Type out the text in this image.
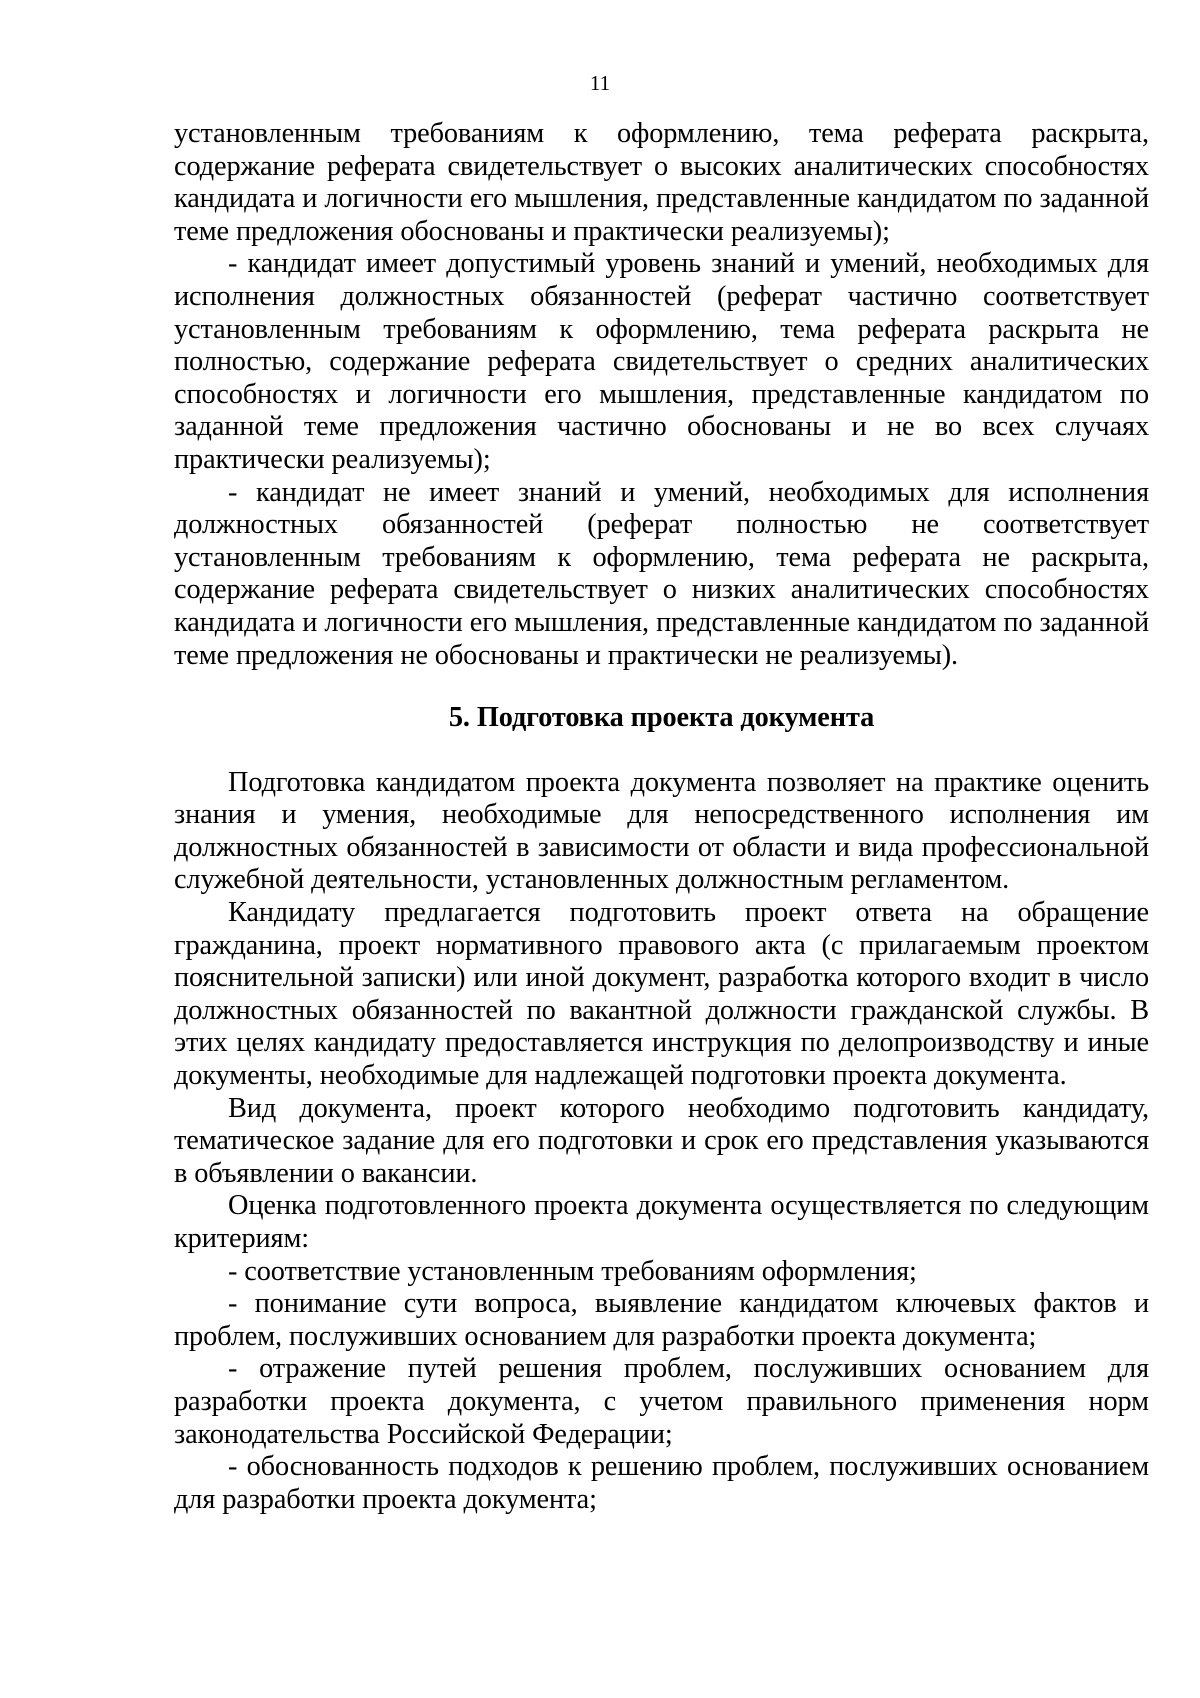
11

установленным требованиям к оформлению, тема реферата раскрыта, содержание реферата свидетельствует о высоких аналитических способностях кандидата и логичности его мышления, представленные кандидатом по заданной теме предложения обоснованы и практически реализуемы);

- кандидат имеет допустимый уровень знаний и умений, необходимых для исполнения должностных обязанностей (реферат частично соответствует установленным требованиям к оформлению, тема реферата раскрыта не полностью, содержание реферата свидетельствует о средних аналитических способностях и логичности его мышления, представленные кандидатом по заданной теме предложения частично обоснованы и не во всех случаях практически реализуемы);

- кандидат не имеет знаний и умений, необходимых для исполнения должностных обязанностей (реферат полностью не соответствует установленным требованиям к оформлению, тема реферата не раскрыта, содержание реферата свидетельствует о низких аналитических способностях кандидата и логичности его мышления, представленные кандидатом по заданной теме предложения не обоснованы и практически не реализуемы).

5. Подготовка проекта документа

Подготовка кандидатом проекта документа позволяет на практике оценить знания и умения, необходимые для непосредственного исполнения им должностных обязанностей в зависимости от области и вида профессиональной служебной деятельности, установленных должностным регламентом.

Кандидату предлагается подготовить проект ответа на обращение гражданина, проект нормативного правового акта (с прилагаемым проектом пояснительной записки) или иной документ, разработка которого входит в число должностных обязанностей по вакантной должности гражданской службы. В этих целях кандидату предоставляется инструкция по делопроизводству и иные документы, необходимые для надлежащей подготовки проекта документа.

Вид документа, проект которого необходимо подготовить кандидату, тематическое задание для его подготовки и срок его представления указываются в объявлении о вакансии.

Оценка подготовленного проекта документа осуществляется по следующим критериям:

- соответствие установленным требованиям оформления;

- понимание сути вопроса, выявление кандидатом ключевых фактов и проблем, послуживших основанием для разработки проекта документа;

- отражение путей решения проблем, послуживших основанием для разработки проекта документа, с учетом правильного применения норм законодательства Российской Федерации;

- обоснованность подходов к решению проблем, послуживших основанием для разработки проекта документа;
